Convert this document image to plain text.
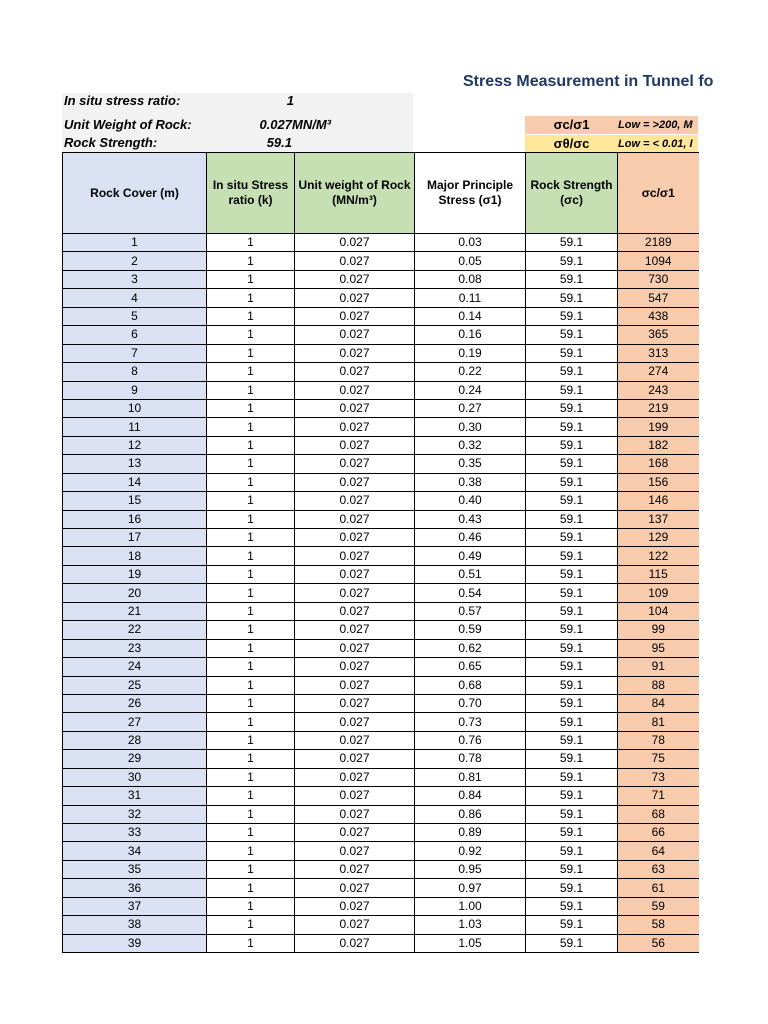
Stress Measurement in Tunnel fo
In situ stress ratio:	1
Unit Weight of Rock:	0.027 MN/M³
Rock Strength:	59.1
σc/σ1	Low = >200, M
σθ/σc	Low = < 0.01, I
Rock Cover (m)	In situ Stress ratio (k)	Unit weight of Rock (MN/m³)	Major Principle Stress (σ1)	Rock Strength (σc)	σc/σ1
1	1	0.027	0.03	59.1	2189
2	1	0.027	0.05	59.1	1094
3	1	0.027	0.08	59.1	730
4	1	0.027	0.11	59.1	547
5	1	0.027	0.14	59.1	438
6	1	0.027	0.16	59.1	365
7	1	0.027	0.19	59.1	313
8	1	0.027	0.22	59.1	274
9	1	0.027	0.24	59.1	243
10	1	0.027	0.27	59.1	219
11	1	0.027	0.30	59.1	199
12	1	0.027	0.32	59.1	182
13	1	0.027	0.35	59.1	168
14	1	0.027	0.38	59.1	156
15	1	0.027	0.40	59.1	146
16	1	0.027	0.43	59.1	137
17	1	0.027	0.46	59.1	129
18	1	0.027	0.49	59.1	122
19	1	0.027	0.51	59.1	115
20	1	0.027	0.54	59.1	109
21	1	0.027	0.57	59.1	104
22	1	0.027	0.59	59.1	99
23	1	0.027	0.62	59.1	95
24	1	0.027	0.65	59.1	91
25	1	0.027	0.68	59.1	88
26	1	0.027	0.70	59.1	84
27	1	0.027	0.73	59.1	81
28	1	0.027	0.76	59.1	78
29	1	0.027	0.78	59.1	75
30	1	0.027	0.81	59.1	73
31	1	0.027	0.84	59.1	71
32	1	0.027	0.86	59.1	68
33	1	0.027	0.89	59.1	66
34	1	0.027	0.92	59.1	64
35	1	0.027	0.95	59.1	63
36	1	0.027	0.97	59.1	61
37	1	0.027	1.00	59.1	59
38	1	0.027	1.03	59.1	58
39	1	0.027	1.05	59.1	56
